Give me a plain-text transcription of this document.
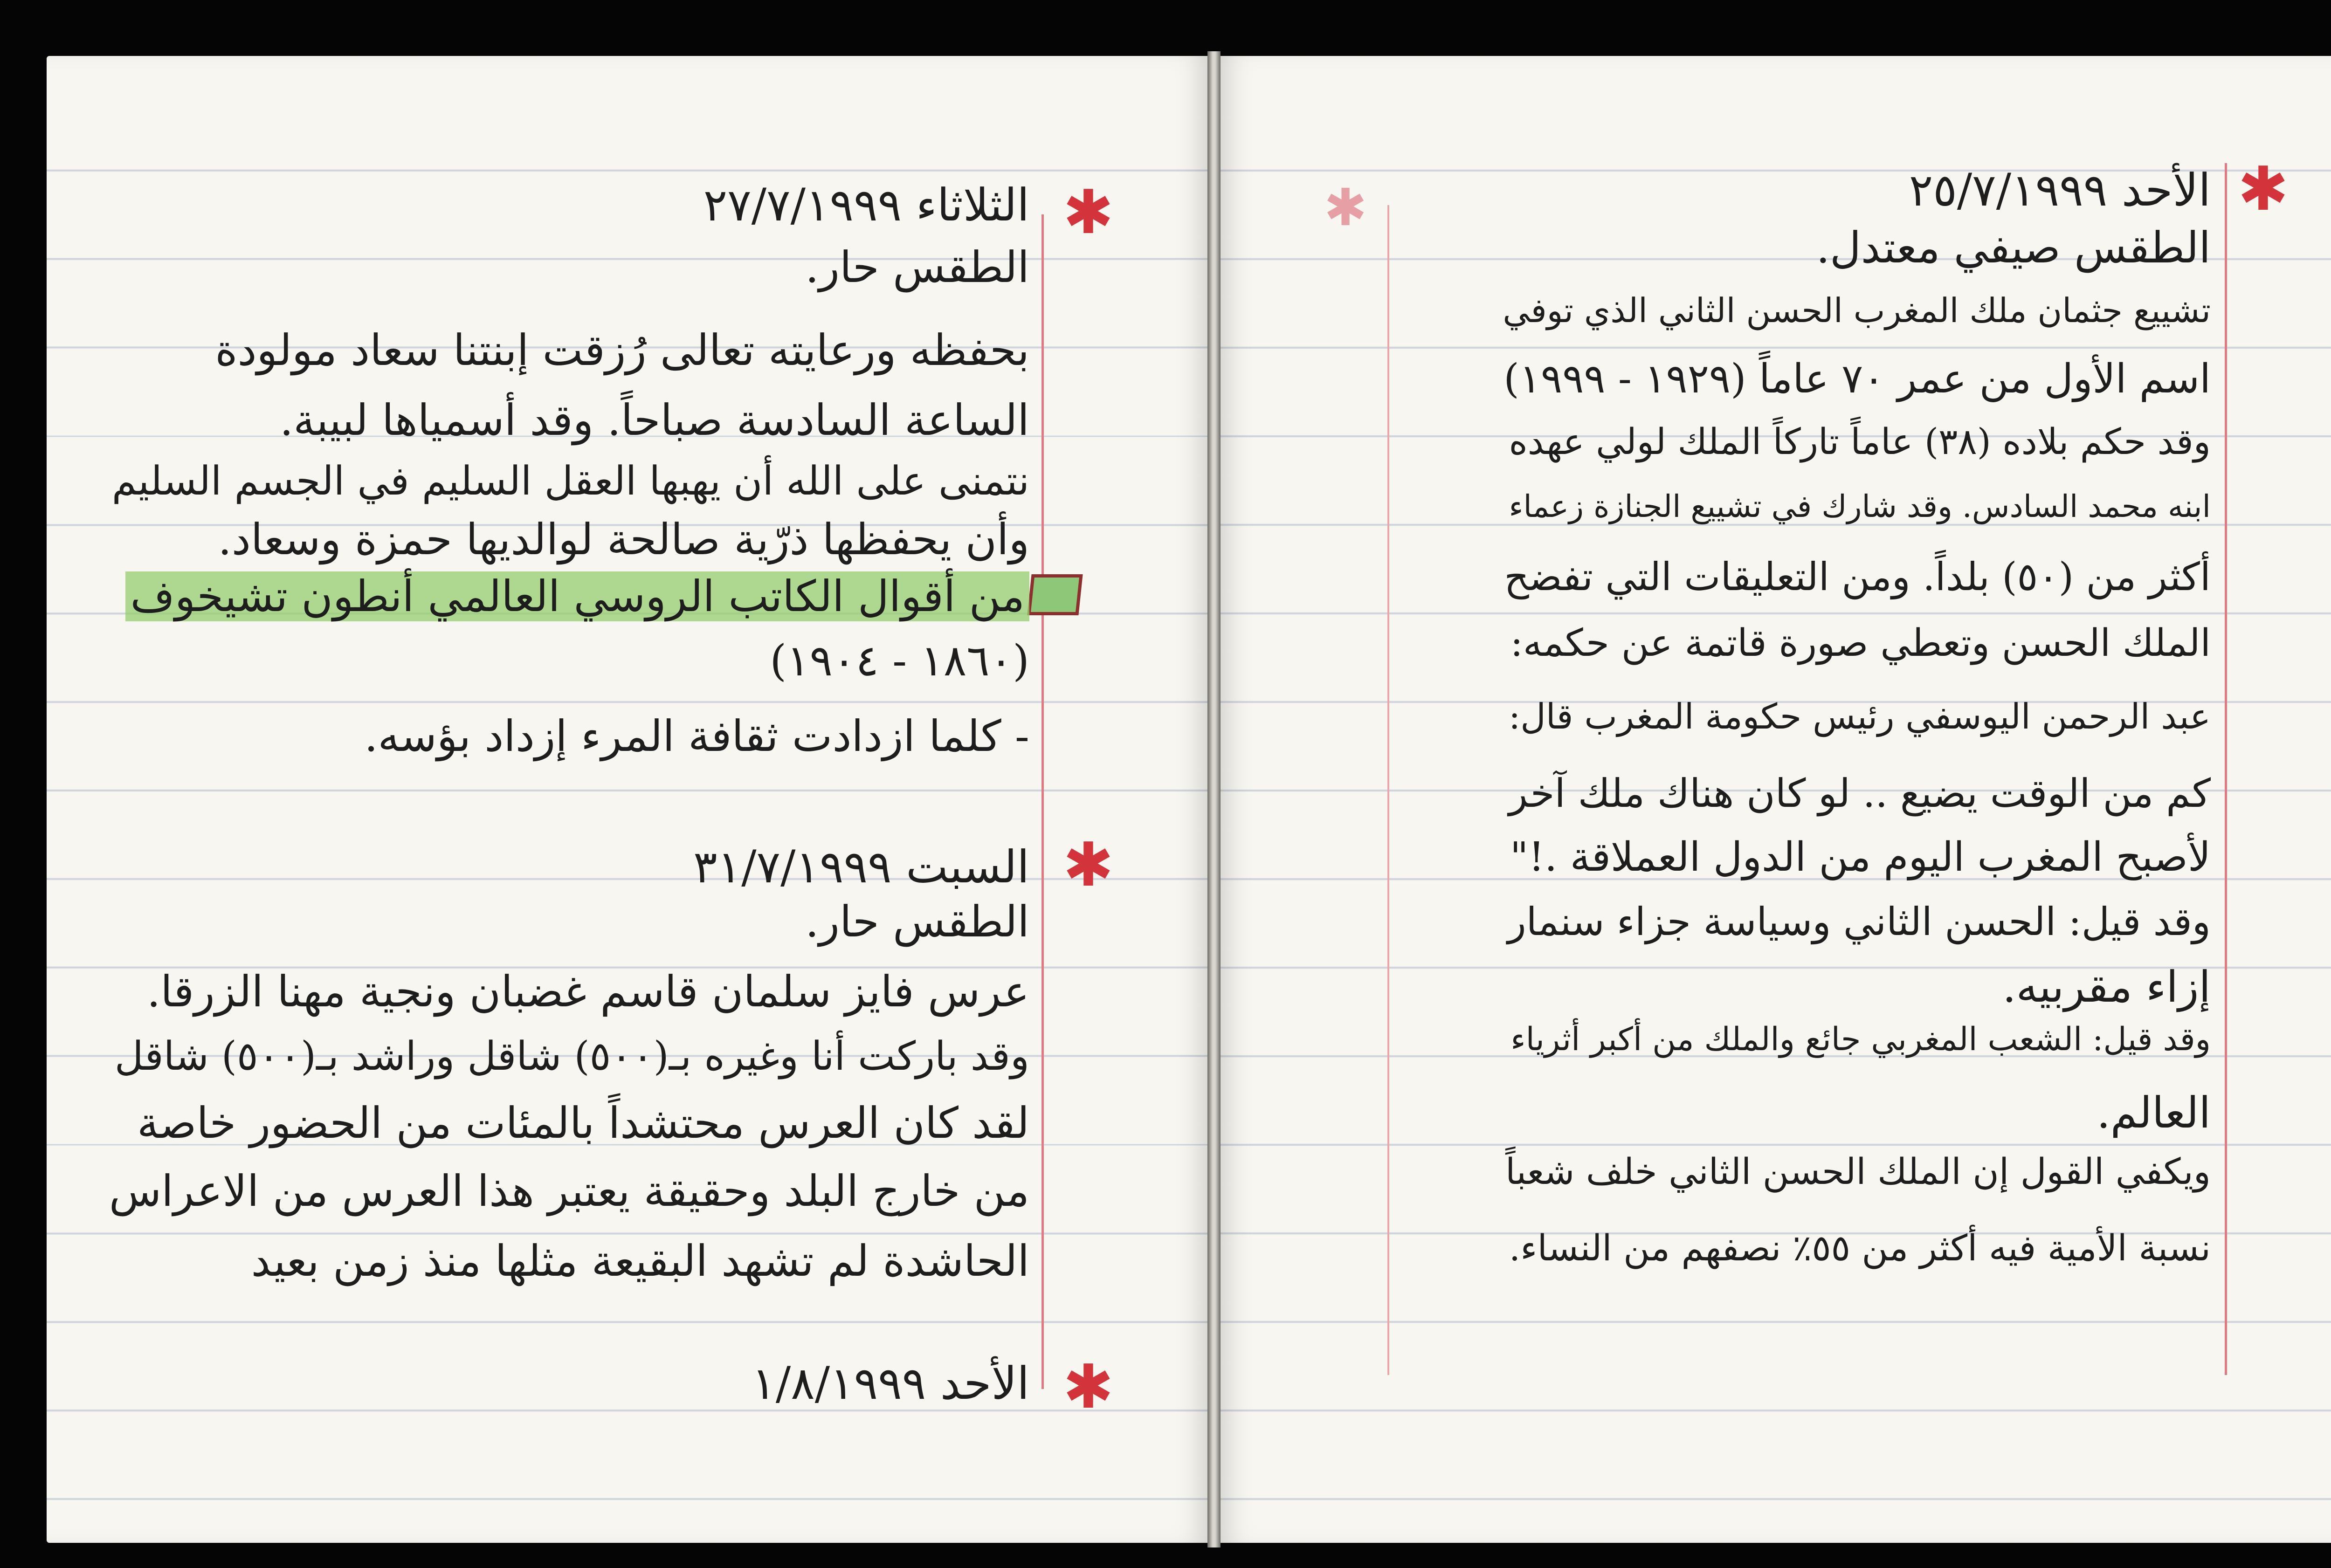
✱
✱
✱
✱
✱
الثلاثاء ٢٧/٧/١٩٩٩
الطقس حار.
بحفظه ورعايته تعالى رُزقت إبنتنا سعاد مولودة
الساعة السادسة صباحاً. وقد أسمياها لبيبة.
نتمنى على الله أن يهبها العقل السليم في الجسم السليم
وأن يحفظها ذرّية صالحة لوالديها حمزة وسعاد.
من أقوال الكاتب الروسي العالمي أنطون تشيخوف
(١٨٦٠ - ١٩٠٤)
- كلما ازدادت ثقافة المرء إزداد بؤسه.
السبت ٣١/٧/١٩٩٩
الطقس حار.
عرس فايز سلمان قاسم غضبان ونجية مهنا الزرقا.
وقد باركت أنا وغيره بـ(٥٠٠) شاقل وراشد بـ(٥٠٠) شاقل
لقد كان العرس محتشداً بالمئات من الحضور خاصة
من خارج البلد وحقيقة يعتبر هذا العرس من الاعراس
الحاشدة لم تشهد البقيعة مثلها منذ زمن بعيد
الأحد ١/٨/١٩٩٩
الأحد ٢٥/٧/١٩٩٩
الطقس صيفي معتدل.
تشييع جثمان ملك المغرب الحسن الثاني الذي توفي
اسم الأول من عمر ٧٠ عاماً (١٩٢٩ - ١٩٩٩)
وقد حكم بلاده (٣٨) عاماً تاركاً الملك لولي عهده
ابنه محمد السادس. وقد شارك في تشييع الجنازة زعماء
أكثر من (٥٠) بلداً. ومن التعليقات التي تفضح
الملك الحسن وتعطي صورة قاتمة عن حكمه:
عبد الرحمن اليوسفي رئيس حكومة المغرب قال:
كم من الوقت يضيع .. لو كان هناك ملك آخر
لأصبح المغرب اليوم من الدول العملاقة .!"
وقد قيل: الحسن الثاني وسياسة جزاء سنمار
إزاء مقربيه.
وقد قيل: الشعب المغربي جائع والملك من أكبر أثرياء
العالم.
ويكفي القول إن الملك الحسن الثاني خلف شعباً
نسبة الأمية فيه أكثر من ٥٥٪ نصفهم من النساء.
